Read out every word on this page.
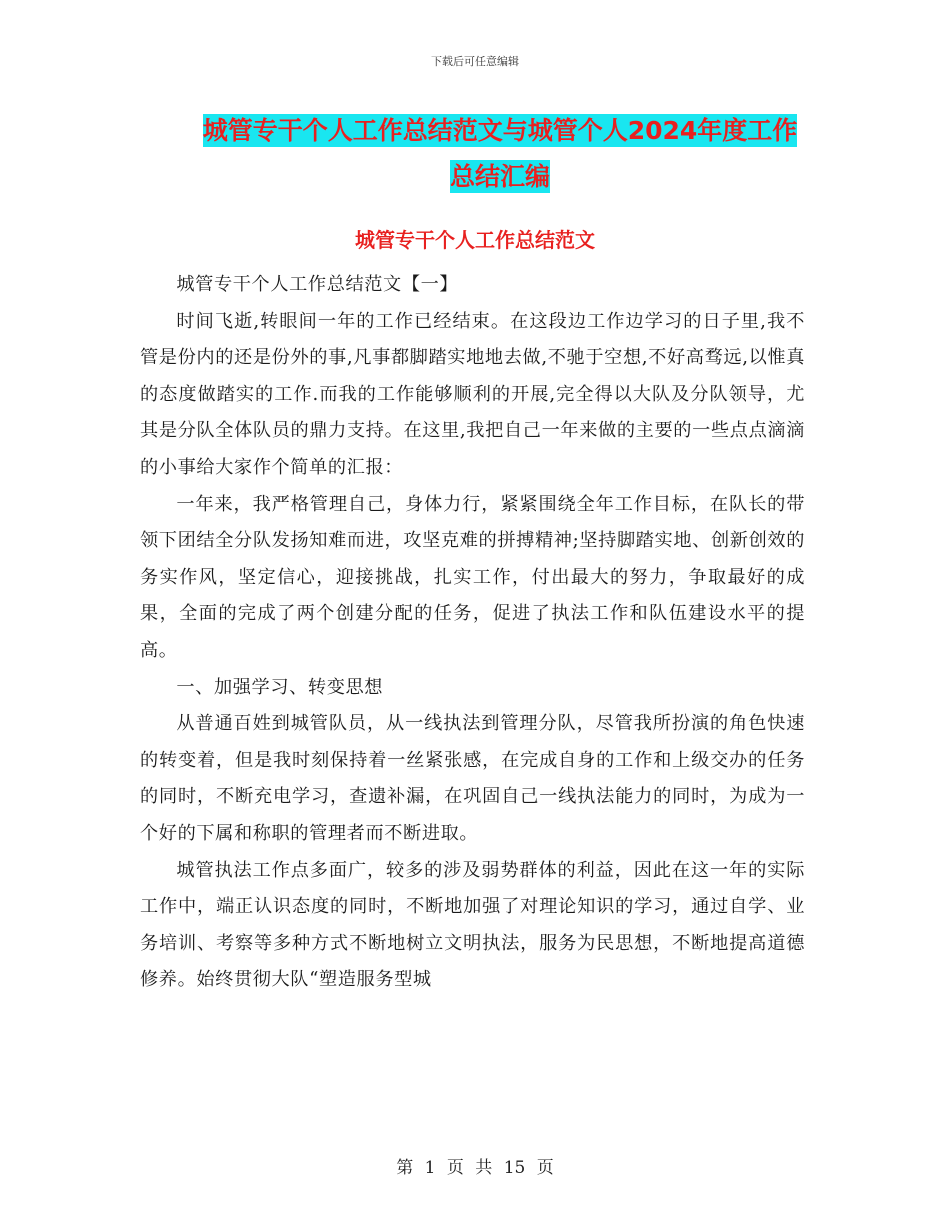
下载后可任意编辑
城管专干个人工作总结范文与城管个人2024年度工作
总结汇编
城管专干个人工作总结范文

城管专干个人工作总结范文【一】

时间飞逝,转眼间一年的工作已经结束。在这段边工作边学习的日子里,我不管是份内的还是份外的事,凡事都脚踏实地地去做,不驰于空想,不好高骛远,以惟真的态度做踏实的工作.而我的工作能够顺利的开展,完全得以大队及分队领导，尤其是分队全体队员的鼎力支持。在这里,我把自己一年来做的主要的一些点点滴滴的小事给大家作个简单的汇报：

一年来，我严格管理自己，身体力行，紧紧围绕全年工作目标，在队长的带领下团结全分队发扬知难而进，攻坚克难的拼搏精神;坚持脚踏实地、创新创效的务实作风，坚定信心，迎接挑战，扎实工作，付出最大的努力，争取最好的成果，全面的完成了两个创建分配的任务，促进了执法工作和队伍建设水平的提高。

一、加强学习、转变思想

从普通百姓到城管队员，从一线执法到管理分队，尽管我所扮演的角色快速的转变着，但是我时刻保持着一丝紧张感，在完成自身的工作和上级交办的任务的同时，不断充电学习，查遗补漏，在巩固自己一线执法能力的同时，为成为一个好的下属和称职的管理者而不断进取。

城管执法工作点多面广，较多的涉及弱势群体的利益，因此在这一年的实际工作中，端正认识态度的同时，不断地加强了对理论知识的学习，通过自学、业务培训、考察等多种方式不断地树立文明执法，服务为民思想，不断地提高道德修养。始终贯彻大队“塑造服务型城

第 1 页 共 15 页
